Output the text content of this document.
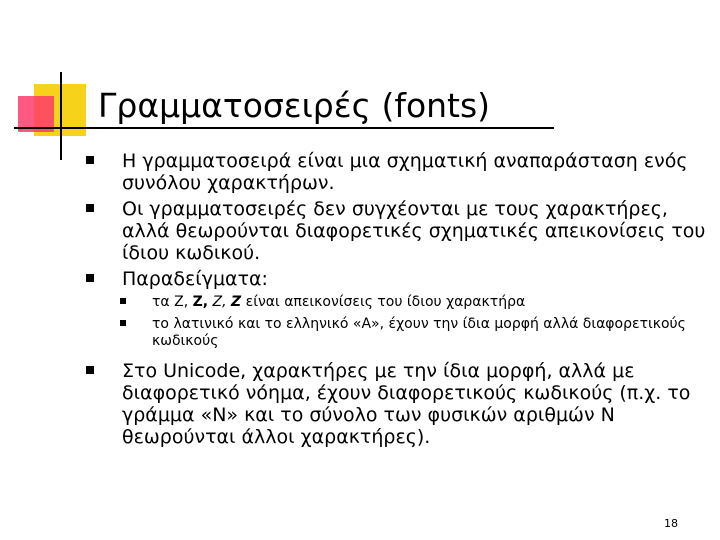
Γραμματοσειρές (fonts)
Η γραμματοσειρά είναι μια σχηματική αναπαράσταση ενός συνόλου χαρακτήρων.
Οι γραμματοσειρές δεν συγχέονται με τους χαρακτήρες, αλλά θεωρούνται διαφορετικές σχηματικές απεικονίσεις του ίδιου κωδικού.
Παραδείγματα:
τα Z, Z, Z, Z είναι απεικονίσεις του ίδιου χαρακτήρα
το λατινικό και το ελληνικό «Α», έχουν την ίδια μορφή αλλά διαφορετικούς κωδικούς
Στο Unicode, χαρακτήρες με την ίδια μορφή, αλλά με διαφορετικό νόημα, έχουν διαφορετικούς κωδικούς (π.χ. το γράμμα «Ν» και το σύνολο των φυσικών αριθμών Ν θεωρούνται άλλοι χαρακτήρες).
18
